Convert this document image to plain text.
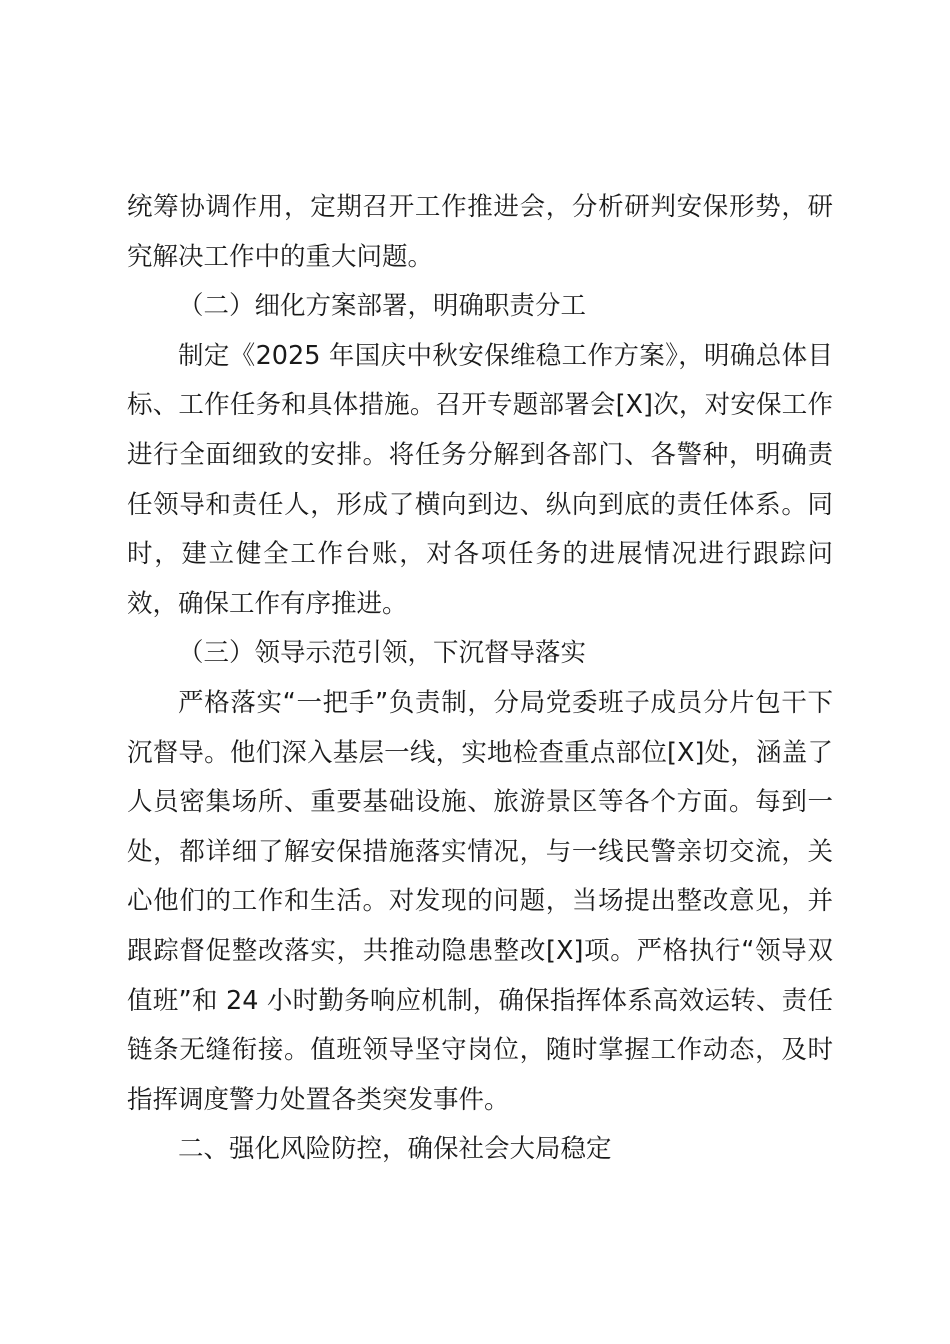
统筹协调作用，定期召开工作推进会，分析研判安保形势，研究解决工作中的重大问题。

（二）细化方案部署，明确职责分工

制定《2025 年国庆中秋安保维稳工作方案》，明确总体目标、工作任务和具体措施。召开专题部署会[X]次，对安保工作进行全面细致的安排。将任务分解到各部门、各警种，明确责任领导和责任人，形成了横向到边、纵向到底的责任体系。同时，建立健全工作台账，对各项任务的进展情况进行跟踪问效，确保工作有序推进。

（三）领导示范引领，下沉督导落实

严格落实“一把手”负责制，分局党委班子成员分片包干下沉督导。他们深入基层一线，实地检查重点部位[X]处，涵盖了人员密集场所、重要基础设施、旅游景区等各个方面。每到一处，都详细了解安保措施落实情况，与一线民警亲切交流，关心他们的工作和生活。对发现的问题，当场提出整改意见，并跟踪督促整改落实，共推动隐患整改[X]项。严格执行“领导双值班”和 24 小时勤务响应机制，确保指挥体系高效运转、责任链条无缝衔接。值班领导坚守岗位，随时掌握工作动态，及时指挥调度警力处置各类突发事件。

二、强化风险防控，确保社会大局稳定
